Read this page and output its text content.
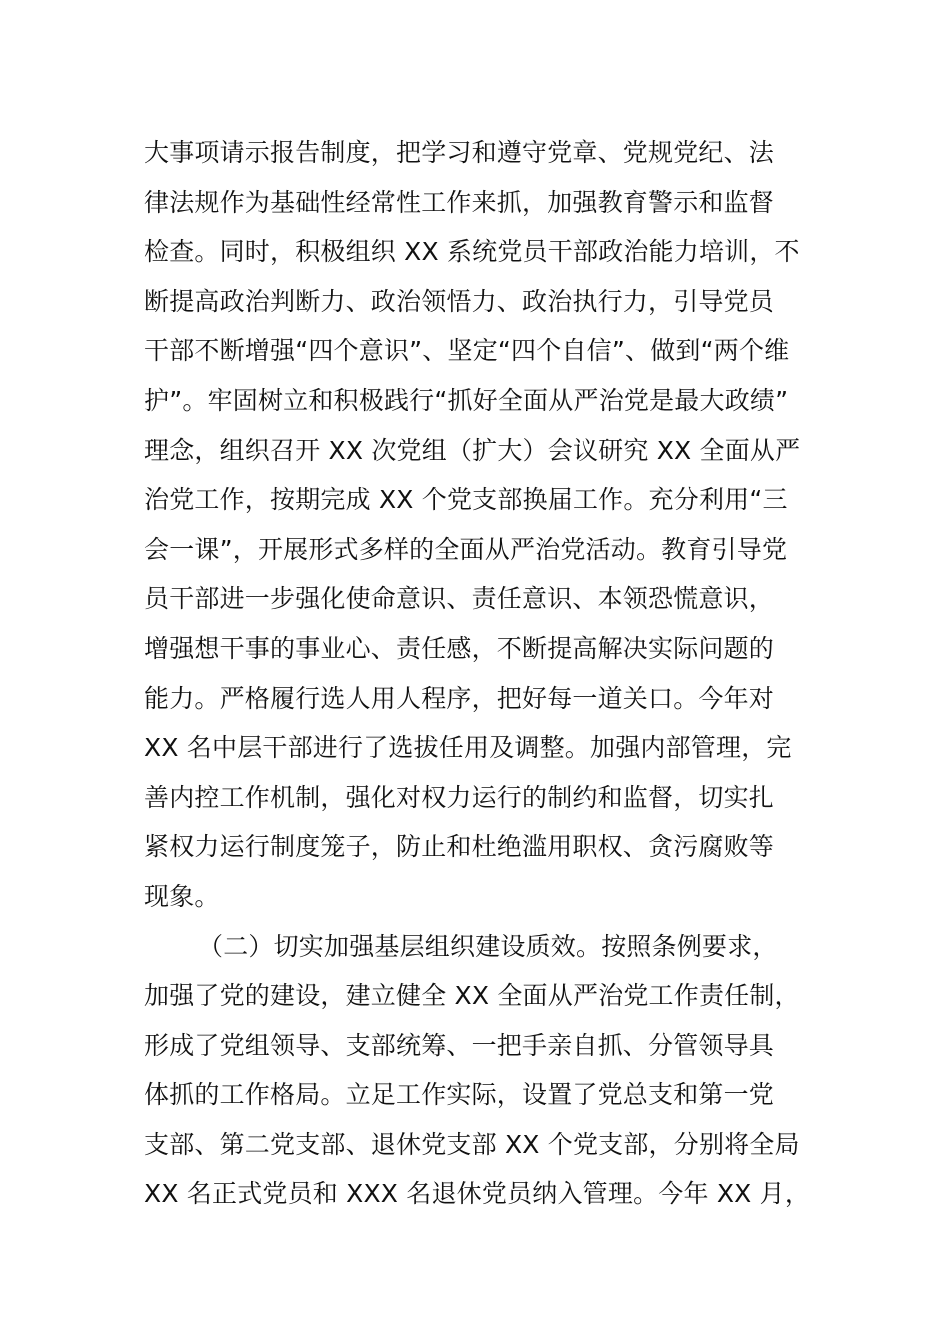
大事项请示报告制度，把学习和遵守党章、党规党纪、法
律法规作为基础性经常性工作来抓，加强教育警示和监督
检查。同时，积极组织 XX 系统党员干部政治能力培训，不
断提高政治判断力、政治领悟力、政治执行力，引导党员
干部不断增强“四个意识”、坚定“四个自信”、做到“两个维
护”。牢固树立和积极践行“抓好全面从严治党是最大政绩”
理念，组织召开 XX 次党组（扩大）会议研究 XX 全面从严
治党工作，按期完成 XX 个党支部换届工作。充分利用“三
会一课”，开展形式多样的全面从严治党活动。教育引导党
员干部进一步强化使命意识、责任意识、本领恐慌意识，
增强想干事的事业心、责任感，不断提高解决实际问题的
能力。严格履行选人用人程序，把好每一道关口。今年对
XX 名中层干部进行了选拔任用及调整。加强内部管理，完
善内控工作机制，强化对权力运行的制约和监督，切实扎
紧权力运行制度笼子，防止和杜绝滥用职权、贪污腐败等
现象。
（二）切实加强基层组织建设质效。按照条例要求，
加强了党的建设，建立健全 XX 全面从严治党工作责任制，
形成了党组领导、支部统筹、一把手亲自抓、分管领导具
体抓的工作格局。立足工作实际，设置了党总支和第一党
支部、第二党支部、退休党支部 XX 个党支部，分别将全局
XX 名正式党员和 XXX 名退休党员纳入管理。今年 XX 月，
